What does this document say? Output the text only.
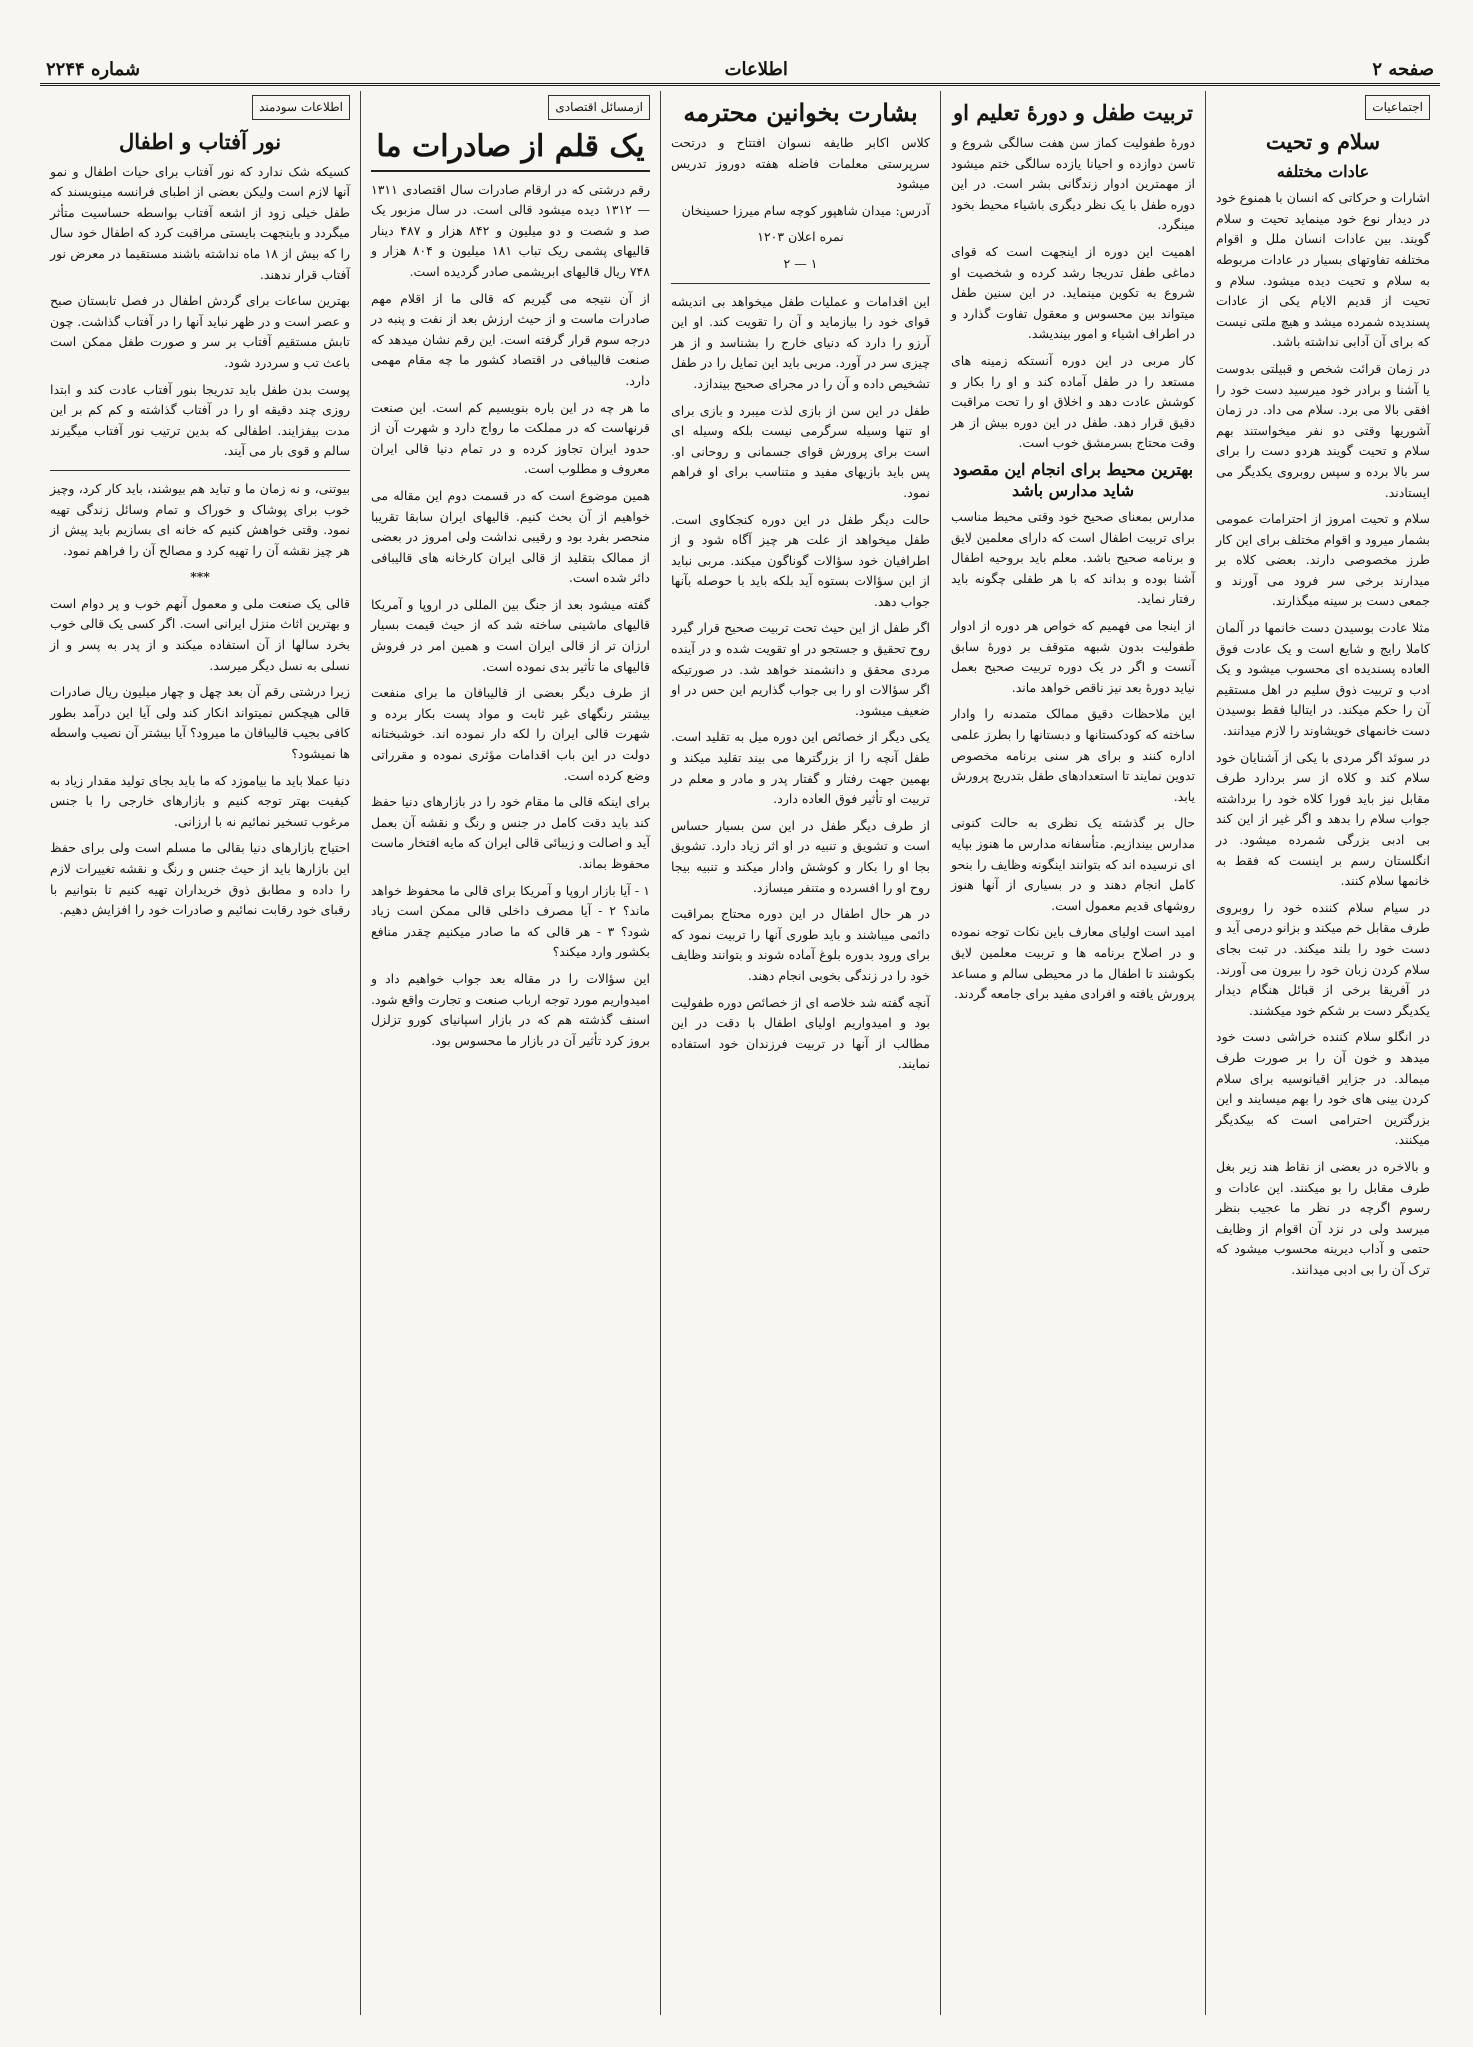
صفحه ۲
اطلاعات
شماره ۲۲۴۴
اجتماعیات
سلام و تحیت
عادات مختلفه

اشارات و حرکاتی که انسان با همنوع خود در دیدار نوع خود مینماید تحیت و سلام گویند. بین عادات انسان ملل و اقوام مختلفه تفاوتهای بسیار در عادات مربوطه به سلام و تحیت دیده میشود. سلام و تحیت از قدیم الایام یکی از عادات پسندیده شمرده میشد و هیچ ملتی نیست که برای آن آدابی نداشته باشد.

در زمان قرائت شخص و قبیلتی بدوست یا آشنا و برادر خود میرسید دست خود را افقی بالا می برد. سلام می داد. در زمان آشوریها وقتی دو نفر میخواستند بهم سلام و تحیت گویند هردو دست را برای سر بالا برده و سپس روبروی یکدیگر می ایستادند.

سلام و تحیت امروز از احترامات عمومی بشمار میرود و اقوام مختلف برای این کار طرز مخصوصی دارند. بعضی کلاه بر میدارند برخی سر فرود می آورند و جمعی دست بر سینه میگذارند.

مثلا عادت بوسیدن دست خانمها در آلمان کاملا رایج و شایع است و یک عادت فوق العاده پسندیده ای محسوب میشود و یک ادب و تربیت ذوق سلیم در اهل مستقیم آن را حکم میکند. در ایتالیا فقط بوسیدن دست خانمهای خویشاوند را لازم میدانند.

در سوئد اگر مردی با یکی از آشنایان خود سلام کند و کلاه از سر بردارد طرف مقابل نیز باید فورا کلاه خود را برداشته جواب سلام را بدهد و اگر غیر از این کند بی ادبی بزرگی شمرده میشود. در انگلستان رسم بر اینست که فقط به خانمها سلام کنند.

در سیام سلام کننده خود را روبروی طرف مقابل خم میکند و بزانو درمی آید و دست خود را بلند میکند. در تبت بجای سلام کردن زبان خود را بیرون می آورند. در آفریقا برخی از قبائل هنگام دیدار یکدیگر دست بر شکم خود میکشند.

در انگلو سلام کننده خراشی دست خود میدهد و خون آن را بر صورت طرف میمالد. در جزایر اقیانوسیه برای سلام کردن بینی های خود را بهم میسایند و این بزرگترین احترامی است که بیکدیگر میکنند.

و بالاخره در بعضی از نقاط هند زیر بغل طرف مقابل را بو میکنند. این عادات و رسوم اگرچه در نظر ما عجیب بنظر میرسد ولی در نزد آن اقوام از وظایف حتمی و آداب دیرینه محسوب میشود که ترک آن را بی ادبی میدانند.

تربیت طفل و دورهٔ تعلیم او

دورهٔ طفولیت کماز سن هفت سالگی شروع و تاسن دوازده و احیانا یازده سالگی ختم میشود از مهمترین ادوار زندگانی بشر است. در این دوره طفل با یک نظر دیگری باشیاء محیط بخود مینگرد.

اهمیت این دوره از اینجهت است که قوای دماغی طفل تدریجا رشد کرده و شخصیت او شروع به تکوین مینماید. در این سنین طفل میتواند بین محسوس و معقول تفاوت گذارد و در اطراف اشیاء و امور بیندیشد.

کار مربی در این دوره آنستکه زمینه های مستعد را در طفل آماده کند و او را بکار و کوشش عادت دهد و اخلاق او را تحت مراقبت دقیق قرار دهد. طفل در این دوره بیش از هر وقت محتاج بسرمشق خوب است.

بهترین محیط برای انجام این مقصود شاید مدارس باشد

مدارس بمعنای صحیح خود وقتی محیط مناسب برای تربیت اطفال است که دارای معلمین لایق و برنامه صحیح باشد. معلم باید بروحیه اطفال آشنا بوده و بداند که با هر طفلی چگونه باید رفتار نماید.

از اینجا می فهمیم که خواص هر دوره از ادوار طفولیت بدون شبهه متوقف بر دورهٔ سابق آنست و اگر در یک دوره تربیت صحیح بعمل نیاید دورهٔ بعد نیز ناقص خواهد ماند.

این ملاحظات دقیق ممالک متمدنه را وادار ساخته که کودکستانها و دبستانها را بطرز علمی اداره کنند و برای هر سنی برنامه مخصوص تدوین نمایند تا استعدادهای طفل بتدریج پرورش یابد.

حال بر گذشته یک نظری به حالت کنونی مدارس بیندازیم. متأسفانه مدارس ما هنوز بپایه ای نرسیده اند که بتوانند اینگونه وظایف را بنحو کامل انجام دهند و در بسیاری از آنها هنوز روشهای قدیم معمول است.

امید است اولیای معارف باین نکات توجه نموده و در اصلاح برنامه ها و تربیت معلمین لایق بکوشند تا اطفال ما در محیطی سالم و مساعد پرورش یافته و افرادی مفید برای جامعه گردند.

بشارت بخوانین محترمه

کلاس اکابر طایفه نسوان افتتاح و درتحت سرپرستی معلمات فاضله هفته دوروز تدریس میشود

آدرس: میدان شاهپور کوچه سام میرزا حسینخان

نمره اعلان ۱۲۰۳

۱ — ۲

این اقدامات و عملیات طفل میخواهد بی اندیشه قوای خود را بیازماید و آن را تقویت کند. او این آرزو را دارد که دنیای خارج را بشناسد و از هر چیزی سر در آورد. مربی باید این تمایل را در طفل تشخیص داده و آن را در مجرای صحیح بیندازد.

طفل در این سن از بازی لذت میبرد و بازی برای او تنها وسیله سرگرمی نیست بلکه وسیله ای است برای پرورش قوای جسمانی و روحانی او. پس باید بازیهای مفید و متناسب برای او فراهم نمود.

حالت دیگر طفل در این دوره کنجکاوی است. طفل میخواهد از علت هر چیز آگاه شود و از اطرافیان خود سؤالات گوناگون میکند. مربی نباید از این سؤالات بستوه آید بلکه باید با حوصله بآنها جواب دهد.

اگر طفل از این حیث تحت تربیت صحیح قرار گیرد روح تحقیق و جستجو در او تقویت شده و در آینده مردی محقق و دانشمند خواهد شد. در صورتیکه اگر سؤالات او را بی جواب گذاریم این حس در او ضعیف میشود.

یکی دیگر از خصائص این دوره میل به تقلید است. طفل آنچه را از بزرگترها می بیند تقلید میکند و بهمین جهت رفتار و گفتار پدر و مادر و معلم در تربیت او تأثیر فوق العاده دارد.

از طرف دیگر طفل در این سن بسیار حساس است و تشویق و تنبیه در او اثر زیاد دارد. تشویق بجا او را بکار و کوشش وادار میکند و تنبیه بیجا روح او را افسرده و متنفر میسازد.

در هر حال اطفال در این دوره محتاج بمراقبت دائمی میباشند و باید طوری آنها را تربیت نمود که برای ورود بدوره بلوغ آماده شوند و بتوانند وظایف خود را در زندگی بخوبی انجام دهند.

آنچه گفته شد خلاصه ای از خصائص دوره طفولیت بود و امیدواریم اولیای اطفال با دقت در این مطالب از آنها در تربیت فرزندان خود استفاده نمایند.

ازمسائل اقتصادی
یک قلم از صادرات ما

رقم درشتی که در ارقام صادرات سال اقتصادی ۱۳۱۱ — ۱۳۱۲ دیده میشود قالی است. در سال مزبور یک صد و شصت و دو میلیون و ۸۴۲ هزار و ۴۸۷ دینار قالیهای پشمی ریک تباب ۱۸۱ میلیون و ۸۰۴ هزار و ۷۴۸ ریال قالیهای ابریشمی صادر گردیده است.

از آن نتیجه می گیریم که قالی ما از اقلام مهم صادرات ماست و از حیث ارزش بعد از نفت و پنبه در درجه سوم قرار گرفته است. این رقم نشان میدهد که صنعت قالیبافی در اقتصاد کشور ما چه مقام مهمی دارد.

ما هر چه در این باره بنویسیم کم است. این صنعت قرنهاست که در مملکت ما رواج دارد و شهرت آن از حدود ایران تجاوز کرده و در تمام دنیا قالی ایران معروف و مطلوب است.

همین موضوع است که در قسمت دوم این مقاله می خواهیم از آن بحث کنیم. قالیهای ایران سابقا تقریبا منحصر بفرد بود و رقیبی نداشت ولی امروز در بعضی از ممالک بتقلید از قالی ایران کارخانه های قالیبافی دائر شده است.

گفته میشود بعد از جنگ بین المللی در اروپا و آمریکا قالیهای ماشینی ساخته شد که از حیث قیمت بسیار ارزان تر از قالی ایران است و همین امر در فروش قالیهای ما تأثیر بدی نموده است.

از طرف دیگر بعضی از قالیبافان ما برای منفعت بیشتر رنگهای غیر ثابت و مواد پست بکار برده و شهرت قالی ایران را لکه دار نموده اند. خوشبختانه دولت در این باب اقدامات مؤثری نموده و مقرراتی وضع کرده است.

برای اینکه قالی ما مقام خود را در بازارهای دنیا حفظ کند باید دقت کامل در جنس و رنگ و نقشه آن بعمل آید و اصالت و زیبائی قالی ایران که مایه افتخار ماست محفوظ بماند.

۱ - آیا بازار اروپا و آمریکا برای قالی ما محفوظ خواهد ماند؟ ۲ - آیا مصرف داخلی قالی ممکن است زیاد شود؟ ۳ - هر قالی که ما صادر میکنیم چقدر منافع بکشور وارد میکند؟

این سؤالات را در مقاله بعد جواب خواهیم داد و امیدواریم مورد توجه ارباب صنعت و تجارت واقع شود. اسنف گذشته هم که در بازار اسپانیای کورو تزلزل بروز کرد تأثیر آن در بازار ما محسوس بود.

اطلاعات سودمند
نور آفتاب و اطفال

کسیکه شک ندارد که نور آفتاب برای حیات اطفال و نمو آنها لازم است ولیکن بعضی از اطبای فرانسه مینویسند که طفل خیلی زود از اشعه آفتاب بواسطه حساسیت متأثر میگردد و باینجهت بایستی مراقبت کرد که اطفال خود سال را که بیش از ۱۸ ماه نداشته باشند مستقیما در معرض نور آفتاب قرار ندهند.

بهترین ساعات برای گردش اطفال در فصل تابستان صبح و عصر است و در ظهر نباید آنها را در آفتاب گذاشت. چون تابش مستقیم آفتاب بر سر و صورت طفل ممکن است باعث تب و سردرد شود.

پوست بدن طفل باید تدریجا بنور آفتاب عادت کند و ابتدا روزی چند دقیقه او را در آفتاب گذاشته و کم کم بر این مدت بیفزایند. اطفالی که بدین ترتیب نور آفتاب میگیرند سالم و قوی بار می آیند.

بیوتنی، و نه زمان ما و تباید هم بیوشند، باید کار کرد، وچیز خوب برای پوشاک و خوراک و تمام وسائل زندگی تهیه نمود. وقتی خواهش کنیم که خانه ای بسازیم باید پیش از هر چیز نقشه آن را تهیه کرد و مصالح آن را فراهم نمود.

***

قالی یک صنعت ملی و معمول آنهم خوب و پر دوام است و بهترین اثاث منزل ایرانی است. اگر کسی یک قالی خوب بخرد سالها از آن استفاده میکند و از پدر به پسر و از نسلی به نسل دیگر میرسد.

زیرا درشتی رقم آن بعد چهل و چهار میلیون ریال صادرات قالی هیچکس نمیتواند انکار کند ولی آیا این درآمد بطور کافی بجیب قالیبافان ما میرود؟ آیا بیشتر آن نصیب واسطه ها نمیشود؟

دنیا عملا باید ما بیاموزد که ما باید بجای تولید مقدار زیاد به کیفیت بهتر توجه کنیم و بازارهای خارجی را با جنس مرغوب تسخیر نمائیم نه با ارزانی.

احتیاج بازارهای دنیا بقالی ما مسلم است ولی برای حفظ این بازارها باید از حیث جنس و رنگ و نقشه تغییرات لازم را داده و مطابق ذوق خریداران تهیه کنیم تا بتوانیم با رقبای خود رقابت نمائیم و صادرات خود را افزایش دهیم.
